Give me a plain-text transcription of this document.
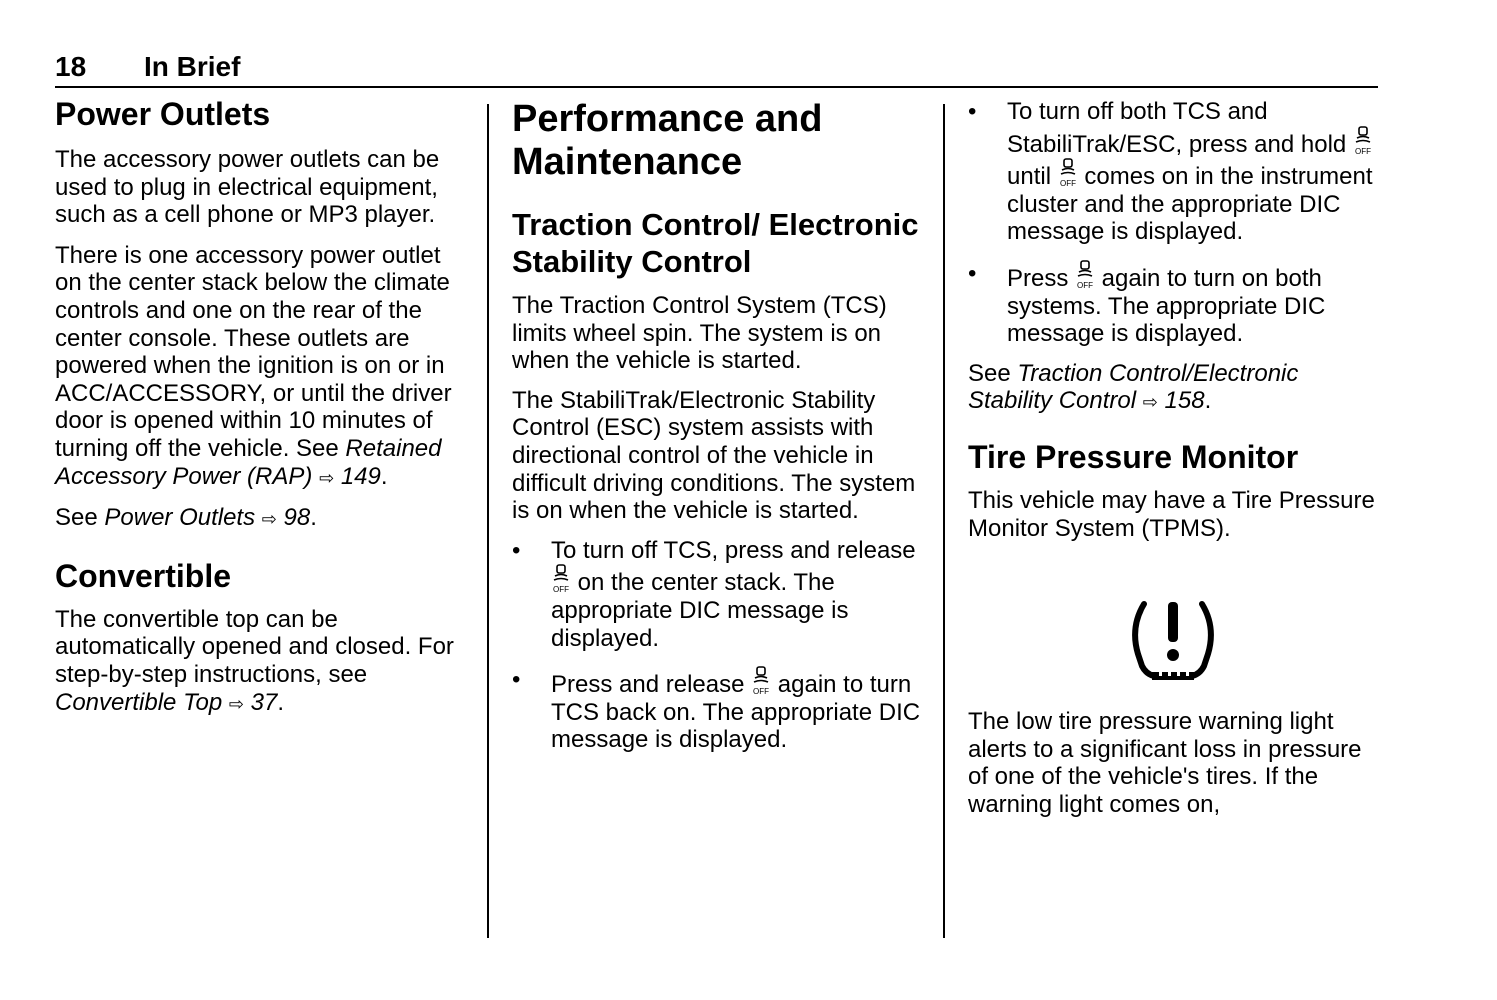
18 In Brief
Power Outlets

The accessory power outlets can be used to plug in electrical equipment, such as a cell phone or MP3 player.

There is one accessory power outlet on the center stack below the climate controls and one on the rear of the center console. These outlets are powered when the ignition is on or in ACC/ACCESSORY, or until the driver door is opened within 10 minutes of turning off the vehicle. See Retained Accessory Power (RAP) ⇨ 149.

See Power Outlets ⇨ 98.

Convertible

The convertible top can be automatically opened and closed. For step-by-step instructions, see Convertible Top ⇨ 37.

Performance and Maintenance
Traction Control/ Electronic Stability Control

The Traction Control System (TCS) limits wheel spin. The system is on when the vehicle is started.

The StabiliTrak/Electronic Stability Control (ESC) system assists with directional control of the vehicle in difficult driving conditions. The system is on when the vehicle is started.

• To turn off TCS, press and release
OFF on the center stack. The appropriate DIC message is displayed.
• Press and release OFF again to turn TCS back on. The appropriate DIC message is displayed.
• To turn off both TCS and StabiliTrak/ESC, press and hold OFF
until OFF comes on in the instrument cluster and the appropriate DIC message is displayed.
• Press OFF again to turn on both systems. The appropriate DIC message is displayed.

See Traction Control/Electronic Stability Control ⇨ 158.

Tire Pressure Monitor

This vehicle may have a Tire Pressure Monitor System (TPMS).

The low tire pressure warning light alerts to a significant loss in pressure of one of the vehicle's tires. If the warning light comes on,
